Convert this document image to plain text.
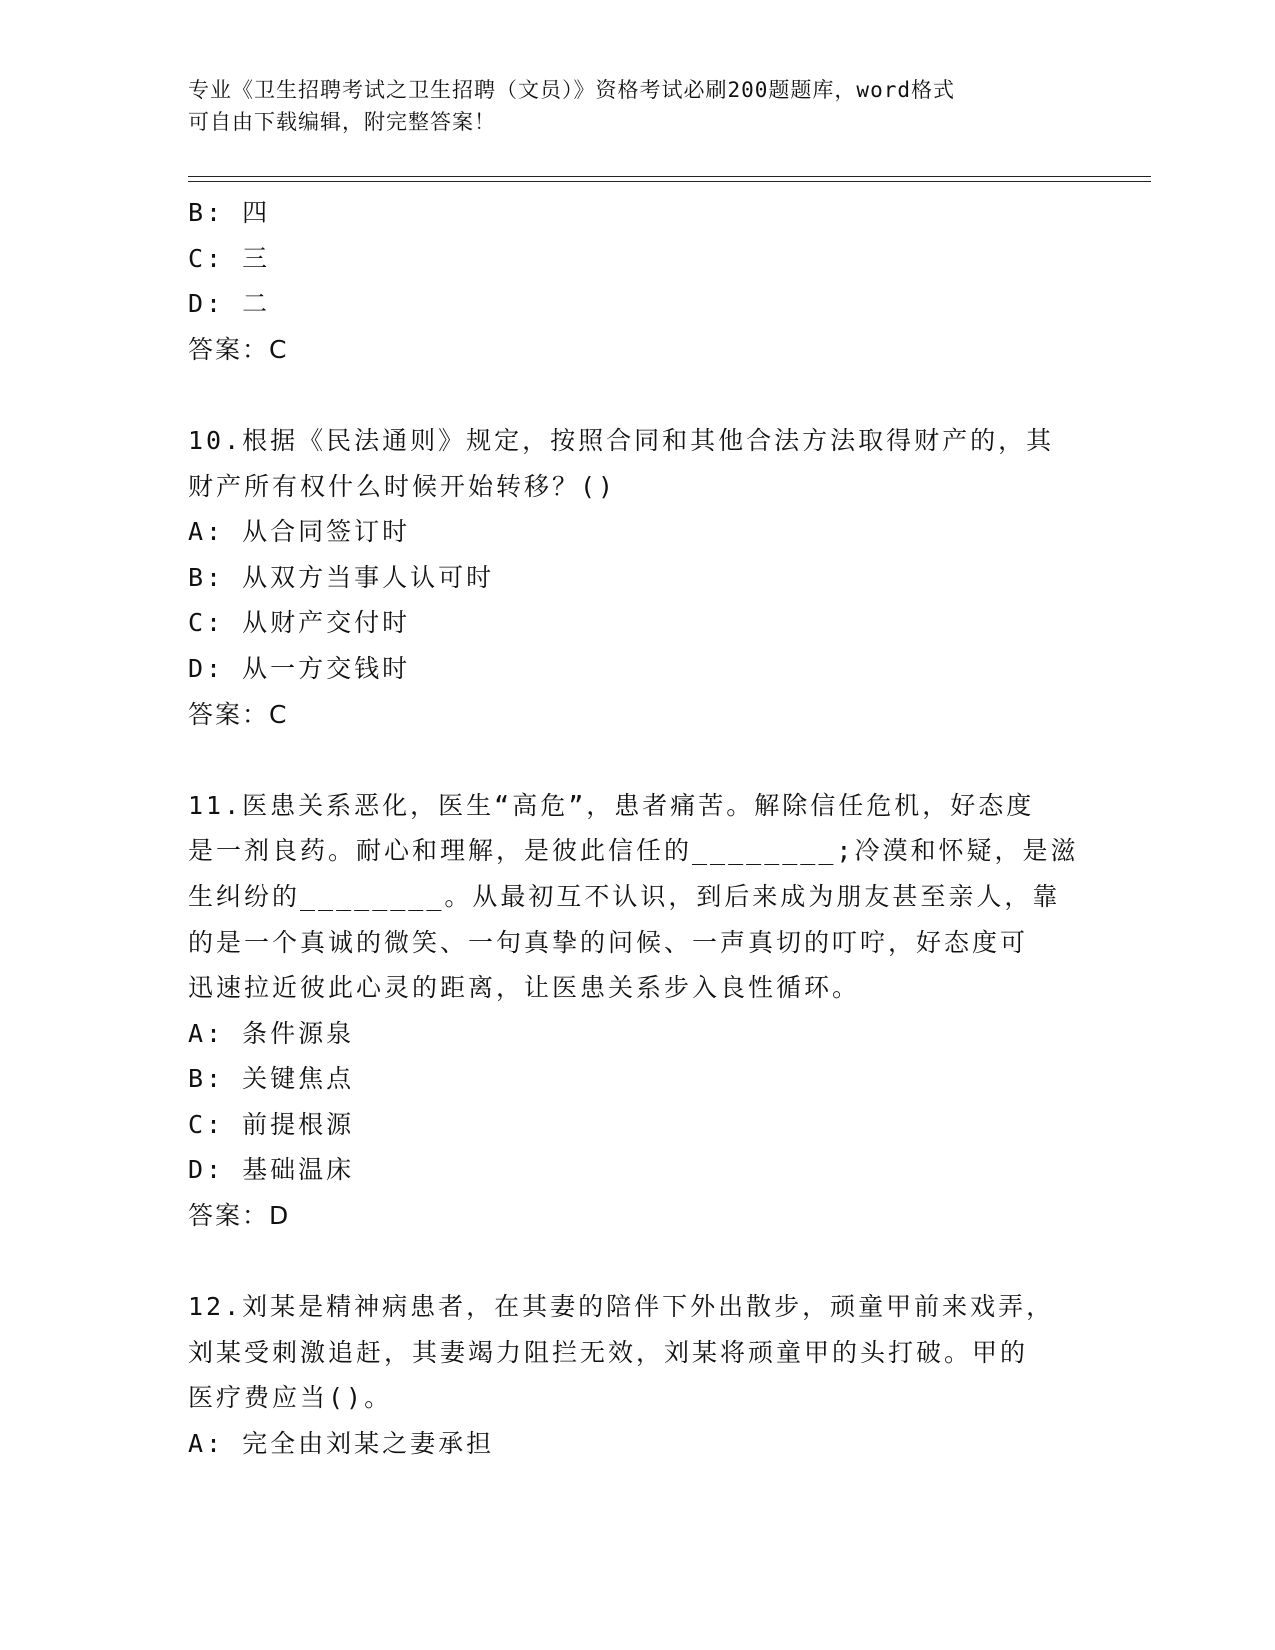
专业《卫生招聘考试之卫生招聘（文员）》资格考试必刷200题题库，word格式
可自由下载编辑，附完整答案！
B: 四
C: 三
D: 二
答案：C
10.根据《民法通则》规定，按照合同和其他合法方法取得财产的，其
财产所有权什么时候开始转移？()
A: 从合同签订时
B: 从双方当事人认可时
C: 从财产交付时
D: 从一方交钱时
答案：C
11.医患关系恶化，医生“高危”，患者痛苦。解除信任危机，好态度
是一剂良药。耐心和理解，是彼此信任的________;冷漠和怀疑，是滋
生纠纷的________。从最初互不认识，到后来成为朋友甚至亲人，靠
的是一个真诚的微笑、一句真挚的问候、一声真切的叮咛，好态度可
迅速拉近彼此心灵的距离，让医患关系步入良性循环。
A: 条件源泉
B: 关键焦点
C: 前提根源
D: 基础温床
答案：D
12.刘某是精神病患者，在其妻的陪伴下外出散步，顽童甲前来戏弄，
刘某受刺激追赶，其妻竭力阻拦无效，刘某将顽童甲的头打破。甲的
医疗费应当()。
A: 完全由刘某之妻承担
